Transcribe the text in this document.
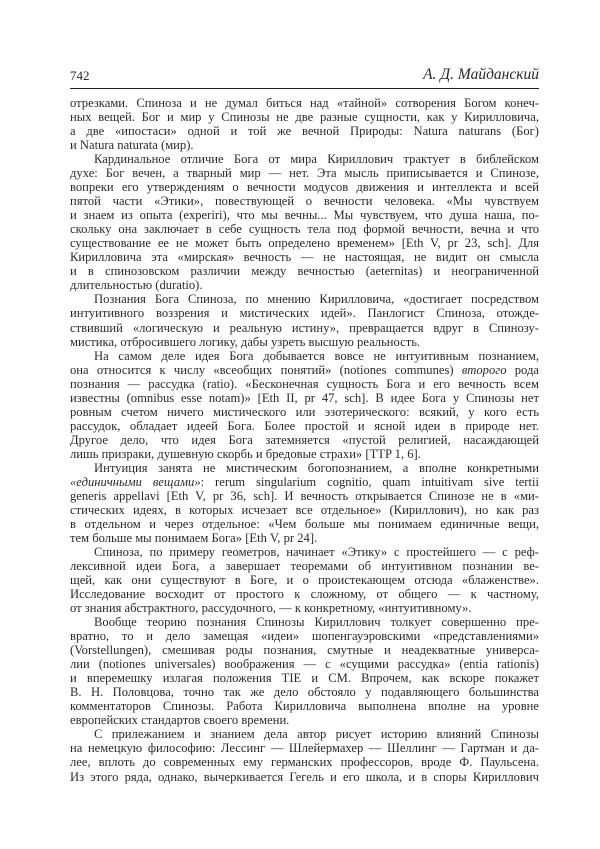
742	А. Д. Майданский
отрезками. Спиноза и не думал биться над «тайной» сотворения Богом конеч-
ных вещей. Бог и мир у Спинозы не две разные сущности, как у Кирилловича,
а две «ипостаси» одной и той же вечной Природы: Natura naturans (Бог)
и Natura naturata (мир).
Кардинальное отличие Бога от мира Кириллович трактует в библейском
духе: Бог вечен, а тварный мир — нет. Эта мысль приписывается и Спинозе,
вопреки его утверждениям о вечности модусов движения и интеллекта и всей
пятой части «Этики», повествующей о вечности человека. «Мы чувствуем
и знаем из опыта (experiri), что мы вечны... Мы чувствуем, что душа наша, по-
скольку она заключает в себе сущность тела под формой вечности, вечна и что
существование ее не может быть определено временем» [Eth V, pr 23, sch]. Для
Кирилловича эта «мирская» вечность — не настоящая, не видит он смысла
и в спинозовском различии между вечностью (aeternitas) и неограниченной
длительностью (duratio).
Познания Бога Спиноза, по мнению Кирилловича, «достигает посредством
интуитивного воззрения и мистических идей». Панлогист Спиноза, отожде-
ствивший «логическую и реальную истину», превращается вдруг в Спинозу-
мистика, отбросившего логику, дабы узреть высшую реальность.
На самом деле идея Бога добывается вовсе не интуитивным познанием,
она относится к числу «всеобщих понятий» (notiones communes) второго рода
познания — рассудка (ratio). «Бесконечная сущность Бога и его вечность всем
известны (omnibus esse notam)» [Eth II, pr 47, sch]. В идее Бога у Спинозы нет
ровным счетом ничего мистического или эзотерического: всякий, у кого есть
рассудок, обладает идеей Бога. Более простой и ясной идеи в природе нет.
Другое дело, что идея Бога затемняется «пустой религией, насаждающей
лишь призраки, душевную скорбь и бредовые страхи» [TTP 1, 6].
Интуиция занята не мистическим богопознанием, а вполне конкретными
«единичными вещами»: rerum singularium cognitio, quam intuitivam sive tertii
generis appellavi [Eth V, pr 36, sch]. И вечность открывается Спинозе не в «ми-
стических идеях, в которых исчезает все отдельное» (Кириллович), но как раз
в отдельном и через отдельное: «Чем больше мы понимаем единичные вещи,
тем больше мы понимаем Бога» [Eth V, pr 24].
Спиноза, по примеру геометров, начинает «Этику» с простейшего — с реф-
лексивной идеи Бога, а завершает теоремами об интуитивном познании ве-
щей, как они существуют в Боге, и о проистекающем отсюда «блаженстве».
Исследование восходит от простого к сложному, от общего — к частному,
от знания абстрактного, рассудочного, — к конкретному, «интуитивному».
Вообще теорию познания Спинозы Кириллович толкует совершенно пре-
вратно, то и дело замещая «идеи» шопенгауэровскими «представлениями»
(Vorstellungen), смешивая роды познания, смутные и неадекватные универса-
лии (notiones universales) воображения — с «сущими рассудка» (entia rationis)
и вперемешку излагая положения TIE и CM. Впрочем, как вскоре покажет
В. Н. Половцова, точно так же дело обстояло у подавляющего большинства
комментаторов Спинозы. Работа Кирилловича выполнена вполне на уровне
европейских стандартов своего времени.
С прилежанием и знанием дела автор рисует историю влияний Спинозы
на немецкую философию: Лессинг — Шлейермахер — Шеллинг — Гартман и да-
лее, вплоть до современных ему германских профессоров, вроде Ф. Паульсена.
Из этого ряда, однако, вычеркивается Гегель и его школа, и в споры Кириллович
